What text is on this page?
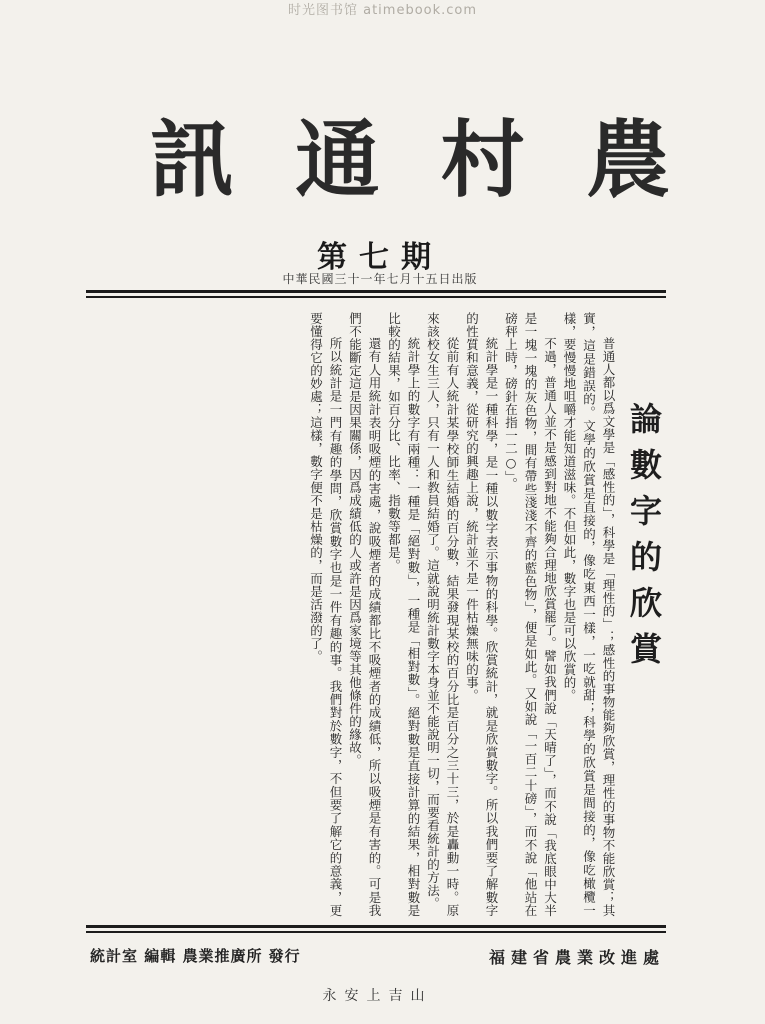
时光图书馆 atimebook.com
農
村
通
訊
第七期
中華民國三十一年七月十五日出版
論數字的欣賞

普通人都以爲文學是「感性的」，科學是「理性的」；感性的事物能夠欣賞，理性的事物不能欣賞；其實，這是錯誤的。文學的欣賞是直接的，像吃東西一樣，一吃就甜；科學的欣賞是間接的，像吃橄欖一樣，要慢慢地咀嚼才能知道滋味。不但如此，數字也是可以欣賞的。

不過，普通人並不是感到對地不能夠合理地欣賞罷了。譬如我們說「天晴了」，而不說「我底眼中大半是一塊一塊的灰色物，間有帶些淺淺不齊的藍色物」，便是如此。又如說「一百二十磅」，而不說「他站在磅秤上時，磅針在指一二○」。

統計學是一種科學，是一種以數字表示事物的科學。欣賞統計，就是欣賞數字。所以我們要了解數字的性質和意義，從研究的興趣上說，統計並不是一件枯燥無味的事。

從前有人統計某學校師生結婚的百分數，結果發現某校的百分比是百分之三十三，於是轟動一時。原來該校女生三人，只有一人和教員結婚了。這就說明統計數字本身並不能說明一切，而要看統計的方法。

統計學上的數字有兩種：一種是「絕對數」，一種是「相對數」。絕對數是直接計算的結果，相對數是比較的結果，如百分比、比率、指數等都是。

還有人用統計表明吸煙的害處，說吸煙者的成績都比不吸煙者的成績低，所以吸煙是有害的。可是我們不能斷定這是因果關係，因爲成績低的人或許是因爲家境等其他條件的緣故。

所以統計是一門有趣的學問，欣賞數字也是一件有趣的事。我們對於數字，不但要了解它的意義，更要懂得它的妙處；這樣，數字便不是枯燥的，而是活潑的了。

統計室 編輯 農業推廣所 發行	福建省農業改進處
永安上吉山
